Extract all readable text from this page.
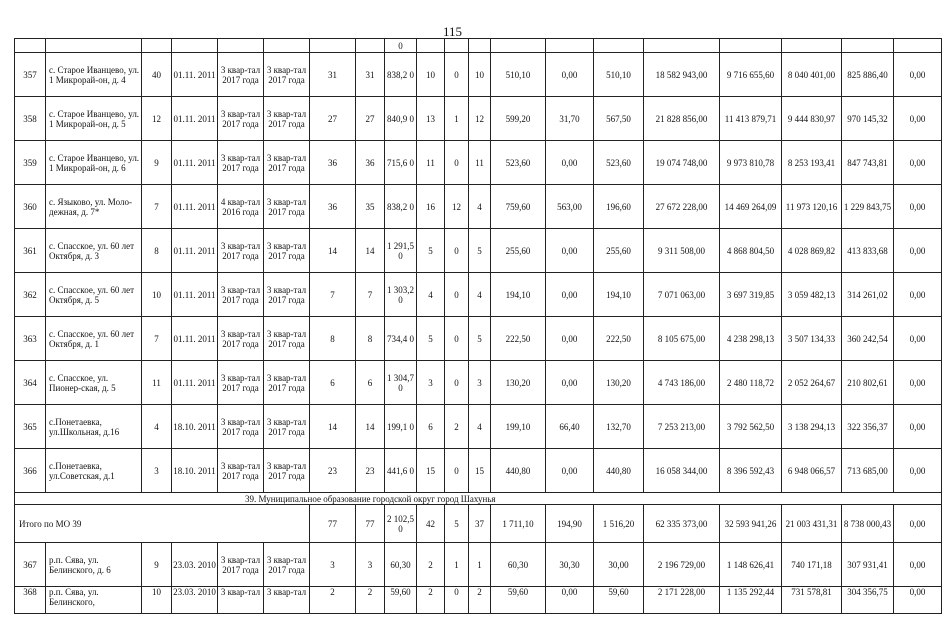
115
								0											
357	с. Старое Иванцево, ул. 1 Микрорай-он, д. 4	40	01.11. 2011	3 квар-тал 2017 года	3 квар-тал 2017 года	31	31	838,2 0	10	0	10	510,10	0,00	510,10	18 582 943,00	9 716 655,60	8 040 401,00	825 886,40	0,00
358	с. Старое Иванцево, ул. 1 Микрорай-он, д. 5	12	01.11. 2011	3 квар-тал 2017 года	3 квар-тал 2017 года	27	27	840,9 0	13	1	12	599,20	31,70	567,50	21 828 856,00	11 413 879,71	9 444 830,97	970 145,32	0,00
359	с. Старое Иванцево, ул. 1 Микрорай-он, д. 6	9	01.11. 2011	3 квар-тал 2017 года	3 квар-тал 2017 года	36	36	715,6 0	11	0	11	523,60	0,00	523,60	19 074 748,00	9 973 810,78	8 253 193,41	847 743,81	0,00
360	с. Языково, ул. Моло-дежная, д. 7*	7	01.11. 2011	4 квар-тал 2016 года	3 квар-тал 2017 года	36	35	838,2 0	16	12	4	759,60	563,00	196,60	27 672 228,00	14 469 264,09	11 973 120,16	1 229 843,75	0,00
361	с. Спасское, ул. 60 лет Октября, д. 3	8	01.11. 2011	3 квар-тал 2017 года	3 квар-тал 2017 года	14	14	1 291,5 0	5	0	5	255,60	0,00	255,60	9 311 508,00	4 868 804,50	4 028 869,82	413 833,68	0,00
362	с. Спасское, ул. 60 лет Октября, д. 5	10	01.11. 2011	3 квар-тал 2017 года	3 квар-тал 2017 года	7	7	1 303,2 0	4	0	4	194,10	0,00	194,10	7 071 063,00	3 697 319,85	3 059 482,13	314 261,02	0,00
363	с. Спасское, ул. 60 лет Октября, д. 1	7	01.11. 2011	3 квар-тал 2017 года	3 квар-тал 2017 года	8	8	734,4 0	5	0	5	222,50	0,00	222,50	8 105 675,00	4 238 298,13	3 507 134,33	360 242,54	0,00
364	с. Спасское, ул. Пионер-ская, д. 5	11	01.11. 2011	3 квар-тал 2017 года	3 квар-тал 2017 года	6	6	1 304,7 0	3	0	3	130,20	0,00	130,20	4 743 186,00	2 480 118,72	2 052 264,67	210 802,61	0,00
365	с.Понетаевка, ул.Школьная, д.16	4	18.10. 2011	3 квар-тал 2017 года	3 квар-тал 2017 года	14	14	199,1 0	6	2	4	199,10	66,40	132,70	7 253 213,00	3 792 562,50	3 138 294,13	322 356,37	0,00
366	с.Понетаевка, ул.Советская, д.1	3	18.10. 2011	3 квар-тал 2017 года	3 квар-тал 2017 года	23	23	441,6 0	15	0	15	440,80	0,00	440,80	16 058 344,00	8 396 592,43	6 948 066,57	713 685,00	0,00
39. Муниципальное образование городской округ город Шахунья																			
Итого по МО 39						77	77	2 102,5 0	42	5	37	1 711,10	194,90	1 516,20	62 335 373,00	32 593 941,26	21 003 431,31	8 738 000,43	0,00
367	р.п. Сява, ул. Белинского, д. 6	9	23.03. 2010	3 квар-тал 2017 года	3 квар-тал 2017 года	3	3	60,30	2	1	1	60,30	30,30	30,00	2 196 729,00	1 148 626,41	740 171,18	307 931,41	0,00
368	р.п. Сява, ул. Белинского,	10	23.03. 2010	3 квар-тал	3 квар-тал	2	2	59,60	2	0	2	59,60	0,00	59,60	2 171 228,00	1 135 292,44	731 578,81	304 356,75	0,00
